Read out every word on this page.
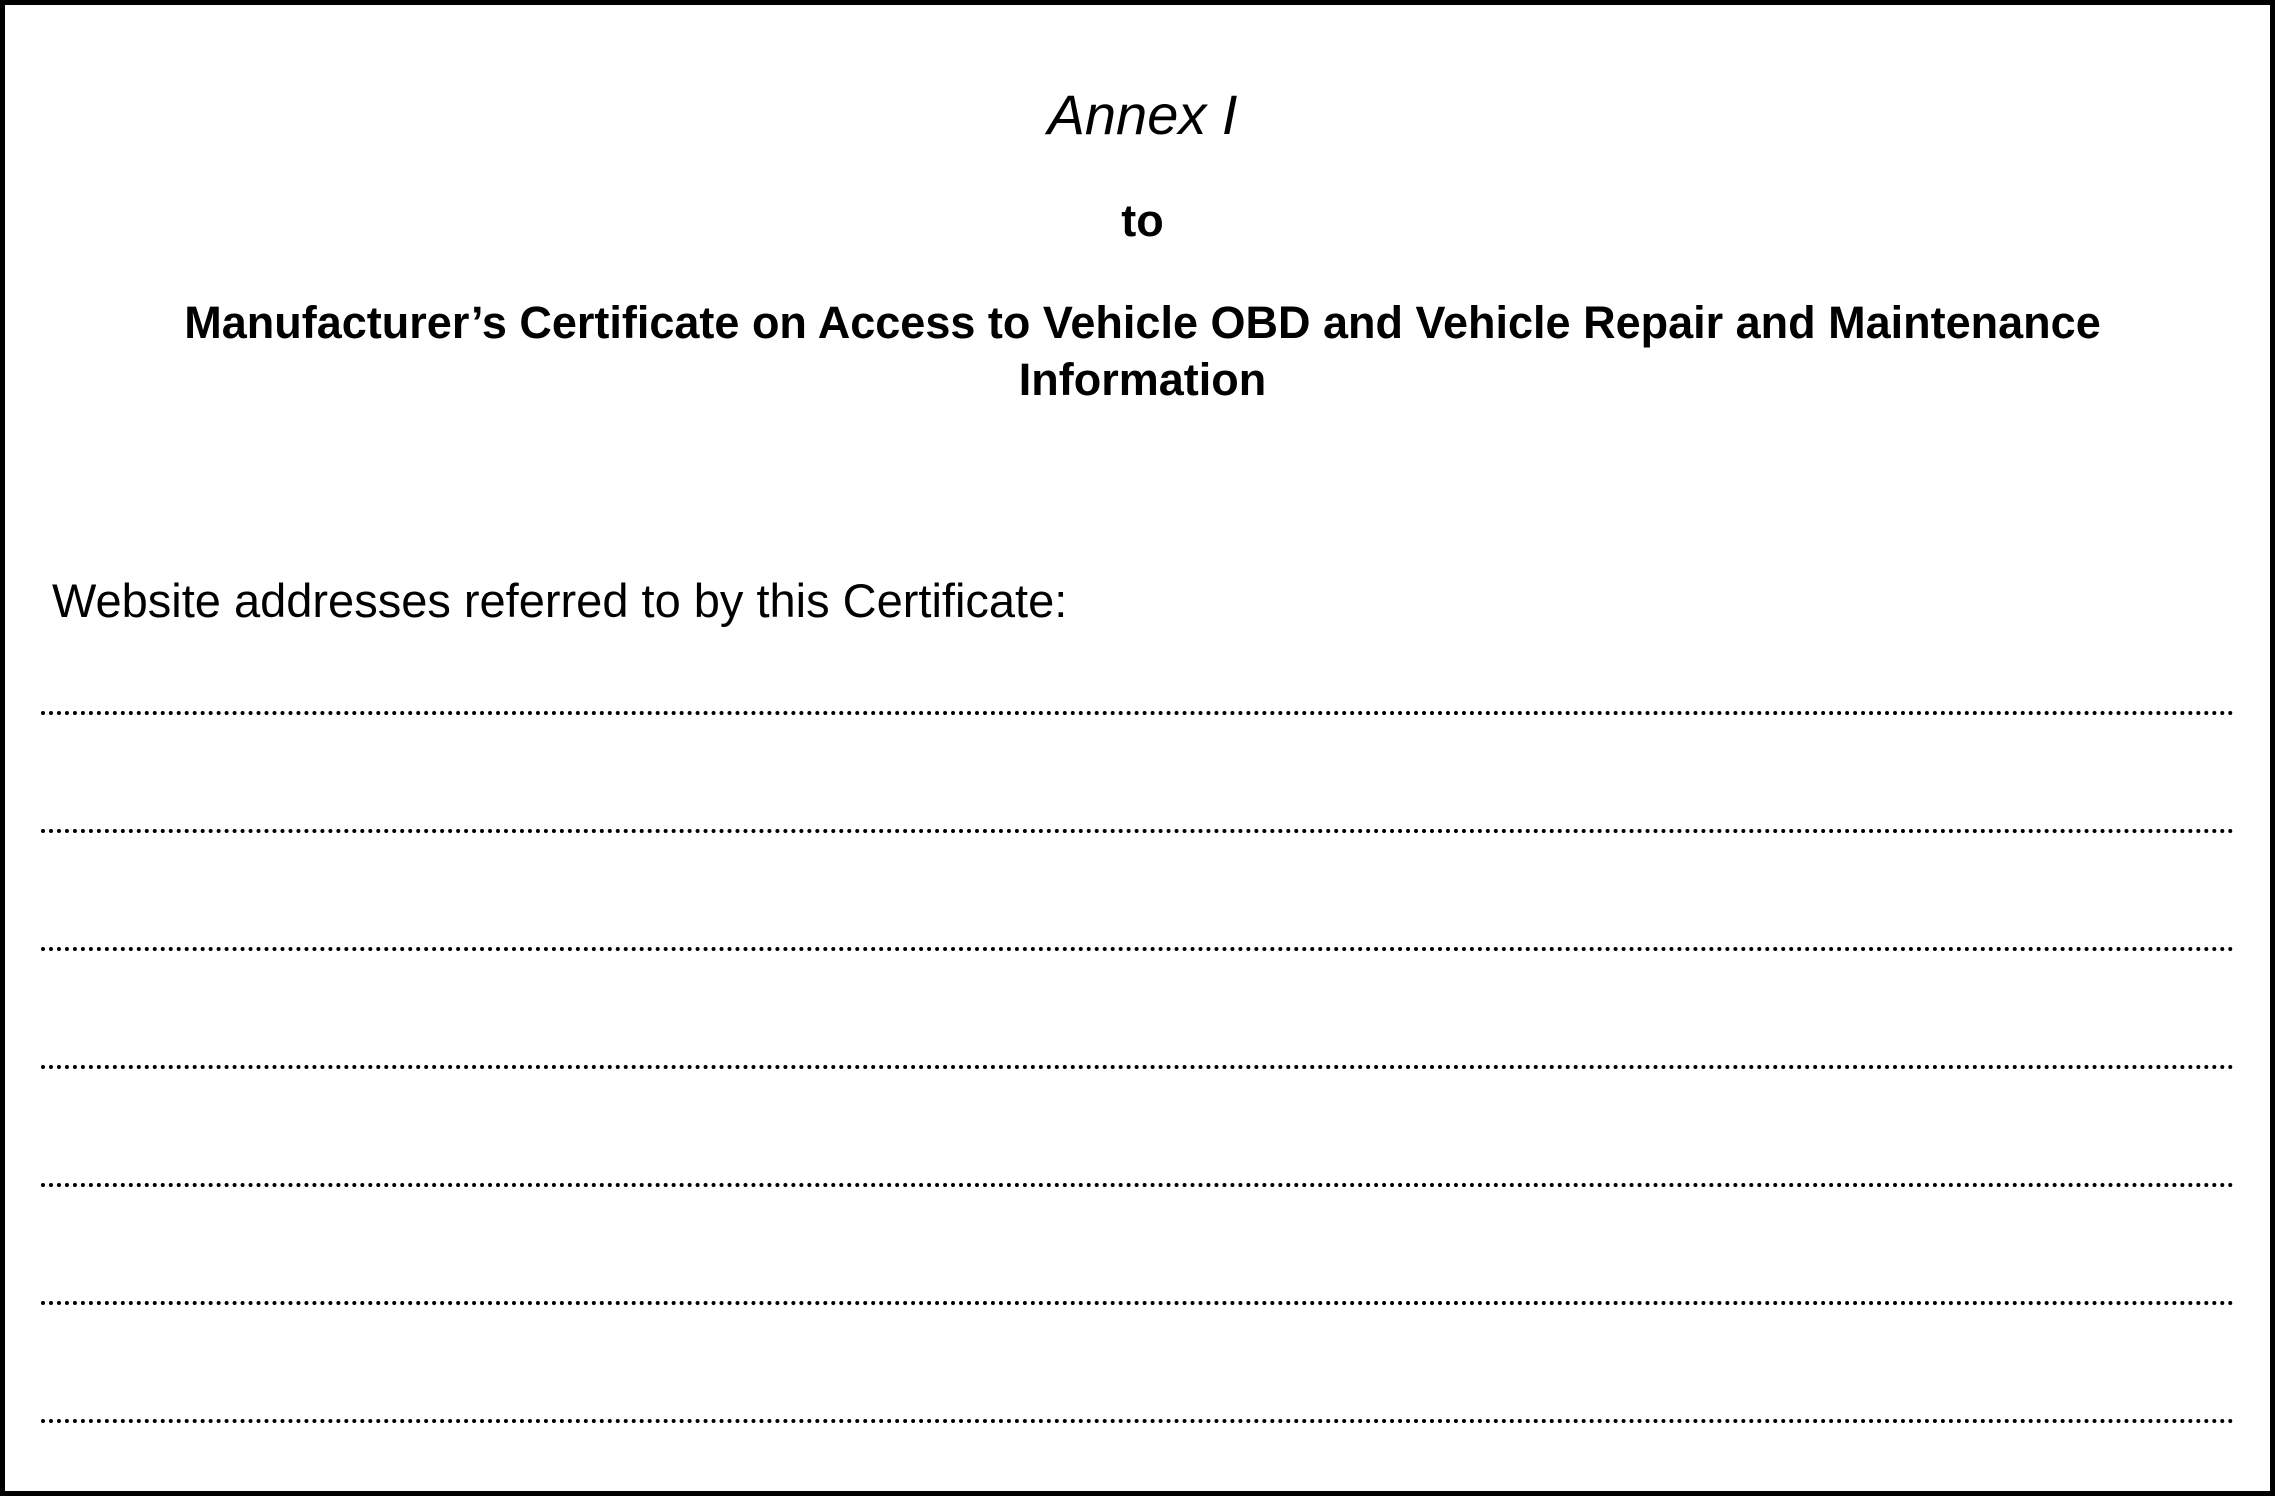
Annex I
to
Manufacturer’s Certificate on Access to Vehicle OBD and Vehicle Repair and Maintenance Information

Website addresses referred to by this Certificate:
